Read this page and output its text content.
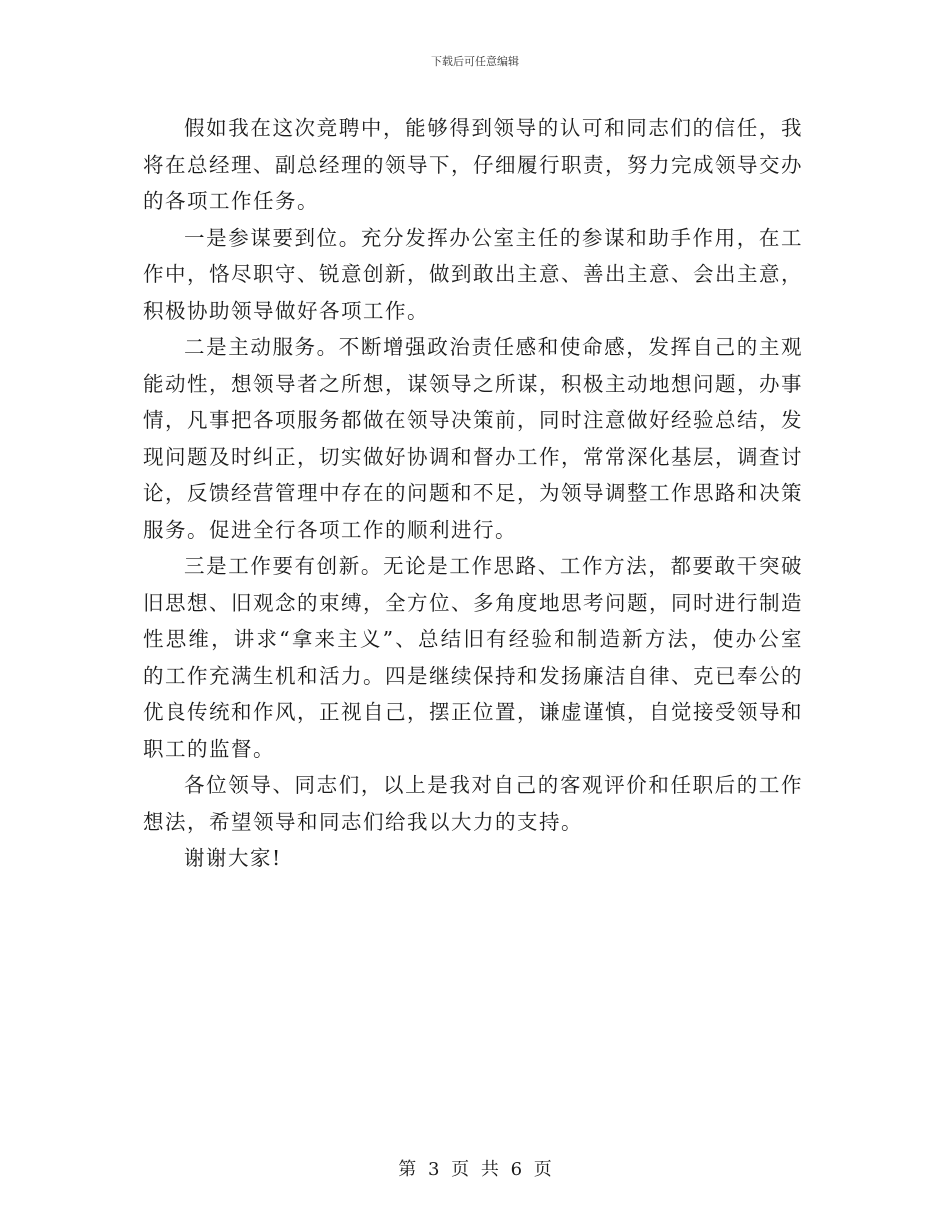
下载后可任意编辑

假如我在这次竞聘中，能够得到领导的认可和同志们的信任，我将在总经理、副总经理的领导下，仔细履行职责，努力完成领导交办的各项工作任务。

一是参谋要到位。充分发挥办公室主任的参谋和助手作用，在工作中，恪尽职守、锐意创新，做到敢出主意、善出主意、会出主意，积极协助领导做好各项工作。

二是主动服务。不断增强政治责任感和使命感，发挥自己的主观能动性，想领导者之所想，谋领导之所谋，积极主动地想问题，办事情，凡事把各项服务都做在领导决策前，同时注意做好经验总结，发现问题及时纠正，切实做好协调和督办工作，常常深化基层，调查讨论，反馈经营管理中存在的问题和不足，为领导调整工作思路和决策服务。促进全行各项工作的顺利进行。

三是工作要有创新。无论是工作思路、工作方法，都要敢干突破旧思想、旧观念的束缚，全方位、多角度地思考问题，同时进行制造性思维，讲求“拿来主义”、总结旧有经验和制造新方法，使办公室的工作充满生机和活力。四是继续保持和发扬廉洁自律、克已奉公的优良传统和作风，正视自己，摆正位置，谦虚谨慎，自觉接受领导和职工的监督。

各位领导、同志们，以上是我对自己的客观评价和任职后的工作想法，希望领导和同志们给我以大力的支持。

谢谢大家!

第 3 页 共 6 页
